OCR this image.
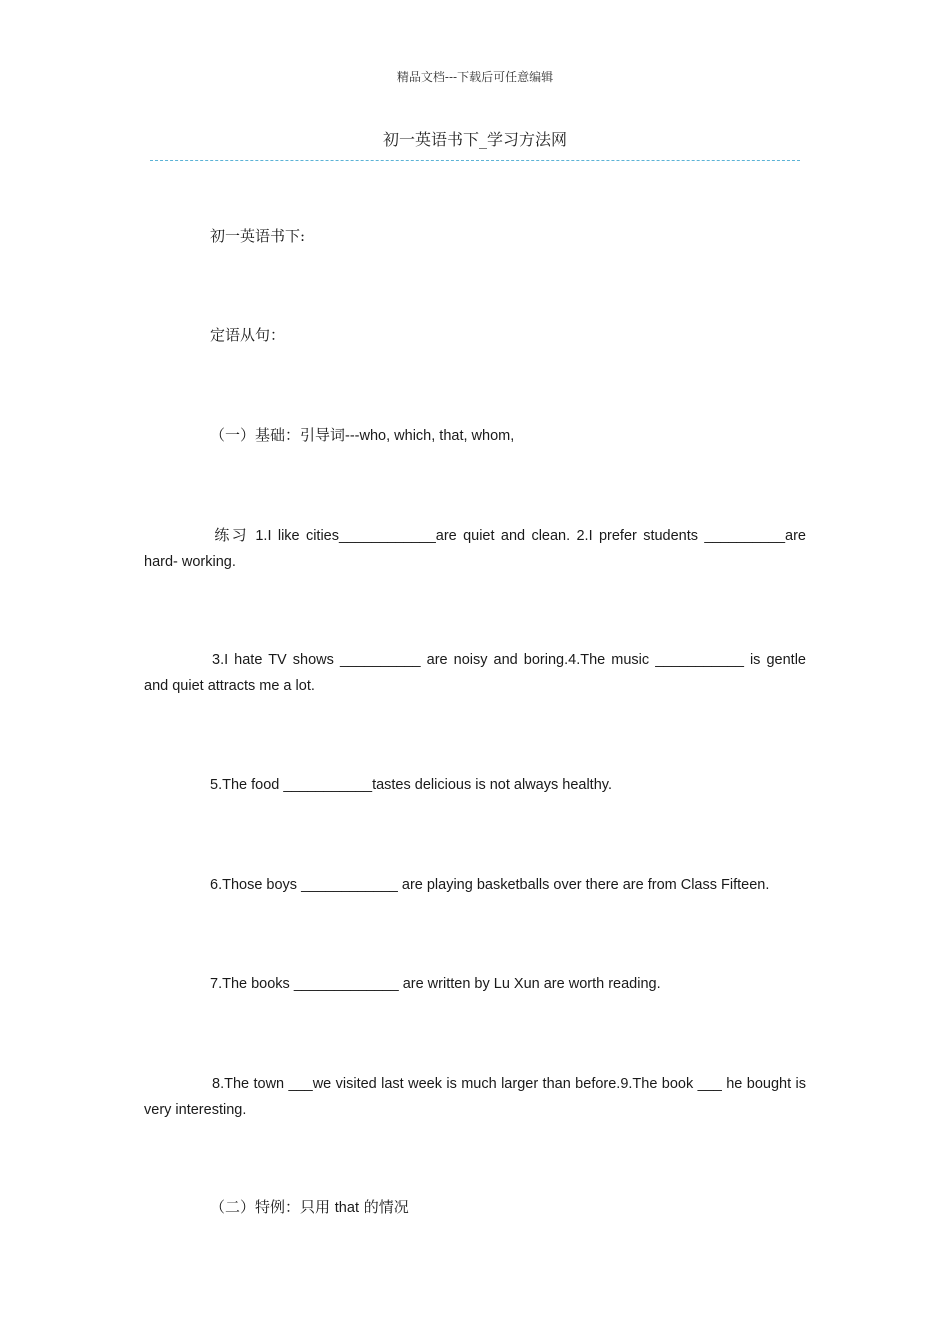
精品文档---下载后可任意编辑
初一英语书下_学习方法网
初一英语书下:
定语从句：
（一）基础：引导词---who, which, that, whom,
练习 1.I like cities____________are quiet and clean. 2.I prefer students __________are hard- working.
3.I hate TV shows __________ are noisy and boring.4.The music ___________ is gentle and quiet attracts me a lot.
5.The food ___________tastes delicious is not always healthy.
6.Those boys ____________ are playing basketballs over there are from Class Fifteen.
7.The books _____________ are written by Lu Xun are worth reading.
8.The town ___we visited last week is much larger than before.9.The book ___ he bought is very interesting.
（二）特例：只用 that 的情况
